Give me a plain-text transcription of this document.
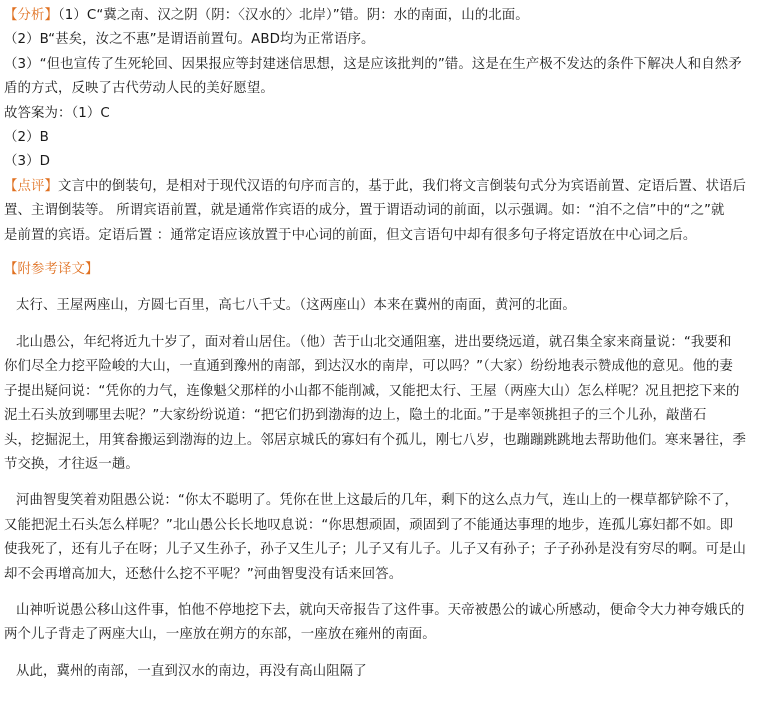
【分析】（1）C“冀之南、汉之阴（阴：〈汉水的〉北岸）”错。阴：水的南面，山的北面。
（2）B“甚矣，汝之不惠”是谓语前置句。ABD均为正常语序。
（3）“但也宣传了生死轮回、因果报应等封建迷信思想，这是应该批判的”错。这是在生产极不发达的条件下解决人和自然矛
盾的方式，反映了古代劳动人民的美好愿望。
故答案为：（1）C
（2）B
（3）D
【点评】文言中的倒装句，是相对于现代汉语的句序而言的，基于此，我们将文言倒装句式分为宾语前置、定语后置、状语后
置、主谓倒装等。 所谓宾语前置，就是通常作宾语的成分，置于谓语动词的前面，以示强调。如：“洎不之信”中的“之”就
是前置的宾语。定语后置 ：通常定语应该放置于中心词的前面，但文言语句中却有很多句子将定语放在中心词之后。
【附参考译文】
太行、王屋两座山，方圆七百里，高七八千丈。（这两座山）本来在冀州的南面，黄河的北面。
北山愚公，年纪将近九十岁了，面对着山居住。（他）苦于山北交通阻塞，进出要绕远道，就召集全家来商量说：“我要和
你们尽全力挖平险峻的大山，一直通到豫州的南部，到达汉水的南岸，可以吗？”（大家）纷纷地表示赞成他的意见。他的妻
子提出疑问说：“凭你的力气，连像魁父那样的小山都不能削减，又能把太行、王屋（两座大山）怎么样呢？况且把挖下来的
泥土石头放到哪里去呢？”大家纷纷说道：“把它们扔到渤海的边上，隐土的北面。”于是率领挑担子的三个儿孙，敲凿石
头，挖掘泥土，用箕畚搬运到渤海的边上。邻居京城氏的寡妇有个孤儿，刚七八岁，也蹦蹦跳跳地去帮助他们。寒来暑往，季
节交换，才往返一趟。
河曲智叟笑着劝阻愚公说：“你太不聪明了。凭你在世上这最后的几年，剩下的这么点力气，连山上的一棵草都铲除不了，
又能把泥土石头怎么样呢？”北山愚公长长地叹息说：“你思想顽固，顽固到了不能通达事理的地步，连孤儿寡妇都不如。即
使我死了，还有儿子在呀；儿子又生孙子，孙子又生儿子；儿子又有儿子。儿子又有孙子；子子孙孙是没有穷尽的啊。可是山
却不会再增高加大，还愁什么挖不平呢？”河曲智叟没有话来回答。
山神听说愚公移山这件事，怕他不停地挖下去，就向天帝报告了这件事。天帝被愚公的诚心所感动，便命令大力神夸娥氏的
两个儿子背走了两座大山，一座放在朔方的东部，一座放在雍州的南面。
从此，冀州的南部，一直到汉水的南边，再没有高山阻隔了
